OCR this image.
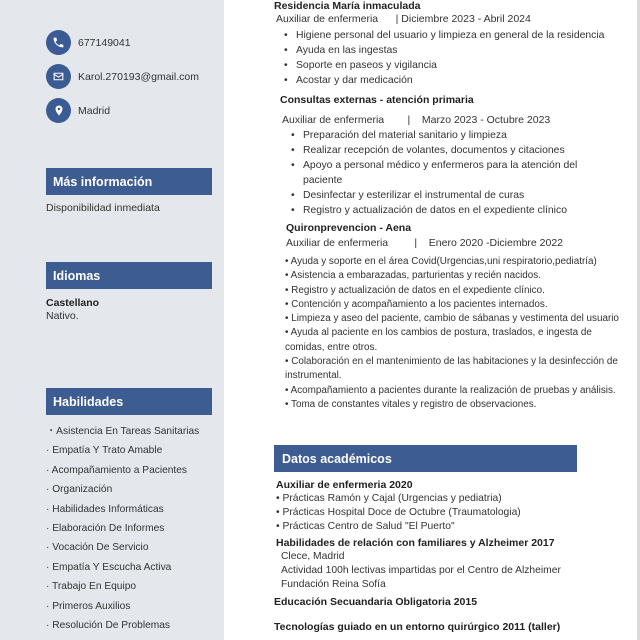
677149041
Karol.270193@gmail.com
Madrid
Más información
Disponibilidad inmediata
Idiomas
Castellano
Nativo.
Habilidades
・Asistencia En Tareas Sanitarias
· Empatía Y Trato Amable
· Acompañamiento a Pacientes
· Organización
· Habilidades Informáticas
· Elaboración De Informes
· Vocación De Servicio
· Empatía Y Escucha Activa
· Trabajo En Equipo
· Primeros Auxilios
· Resolución De Problemas
Residencia María inmaculada
Auxiliar de enfermeria      | Diciembre 2023 - Abril 2024
• Higiene personal del usuario y limpieza en general de la residencia
• Ayuda en las ingestas
• Soporte en paseos y vigilancia
• Acostar y dar medicación
Consultas externas - atención primaria
Auxiliar de enfermeria        |    Marzo 2023 - Octubre 2023
• Preparación del material sanitario y limpieza
• Realizar recepción de volantes, documentos y citaciones
• Apoyo a personal médico y enfermeros para la atención del paciente
• Desinfectar y esterilizar el instrumental de curas
• Registro y actualización de datos en el expediente clínico
Quironprevencion - Aena
Auxiliar de enfermeria         |    Enero 2020 -Diciembre 2022
• Ayuda y soporte en el área Covid(Urgencias,uni respiratorio,pediatría)
• Asistencia a embarazadas, parturientas y recién nacidos.
• Registro y actualización de datos en el expediente clínico.
• Contención y acompañamiento a los pacientes internados.
• Limpieza y aseo del paciente, cambio de sábanas y vestimenta del usuario
• Ayuda al paciente en los cambios de postura, traslados, e ingesta de comidas, entre otros.
• Colaboración en el mantenimiento de las habitaciones y la desinfección de instrumental.
• Acompañamiento a pacientes durante la realización de pruebas y análisis.
• Toma de constantes vitales y registro de observaciones.
Datos académicos
Auxiliar de enfermeria 2020
• Prácticas Ramón y Cajal (Urgencias y pediatria)
• Prácticas Hospital Doce de Octubre (Traumatologia)
• Prácticas Centro de Salud "El Puerto"
Habilidades de relación con familiares y Alzheimer 2017
Clece, Madrid
Actividad 100h lectivas impartidas por el Centro de Alzheimer
Fundación Reina Sofía
Educación Secuandaria Obligatoria 2015
Tecnologías guiado en un entorno quirúrgico 2011 (taller)
